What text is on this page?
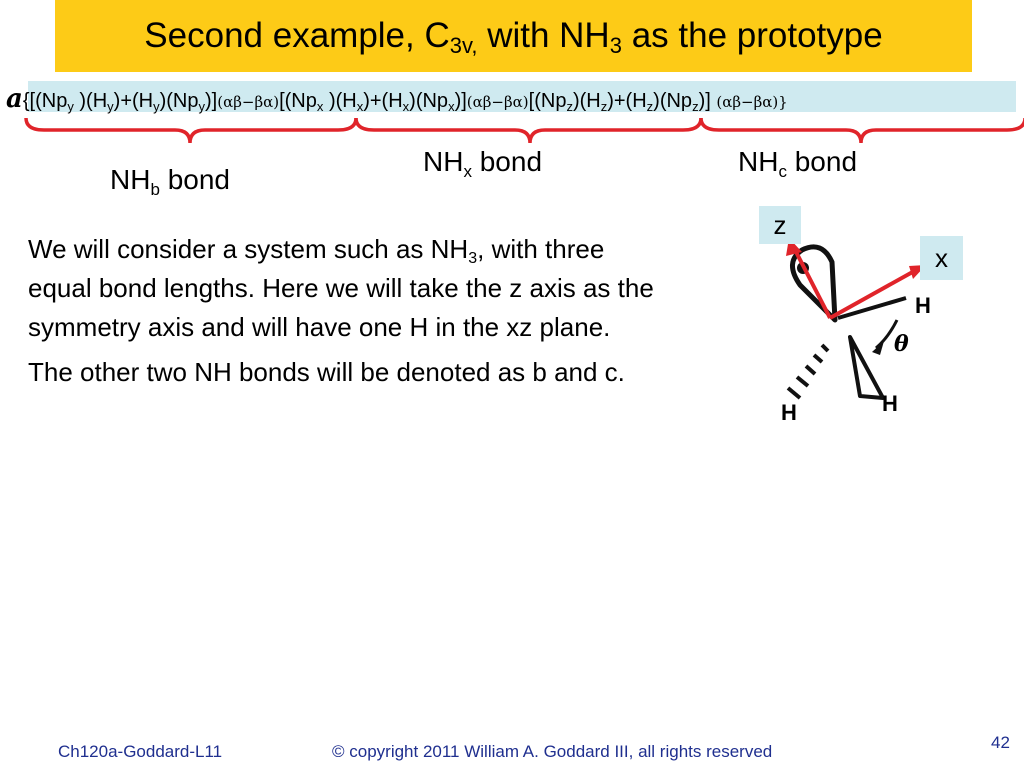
Second example, $C_{3v,}$ with $NH_3$ as the prototype
$a\{[(Np_y$ )$(H_y)+(H_y)(Np_y)](\alpha\beta-\beta\alpha)[(Np_x$ )$(H_x)+(H_x)(Np_x)](\alpha\beta-\beta\alpha)[(Np_z)(H_z)+(H_z)(Np_z)]$ (αβ−βα)}
$NH_b$ bond
$NH_x$ bond	$NH_c$ bond

We will consider a system such as $NH_3$, with three equal bond lengths. Here we will take the z axis as the symmetry axis and will have one H in the xz plane.

The other two NH bonds will be denoted as b and c.

H
H
H
θ
z
x
Ch120a-Goddard-L11	© copyright 2011 William A. Goddard III, all rights reserved	42
